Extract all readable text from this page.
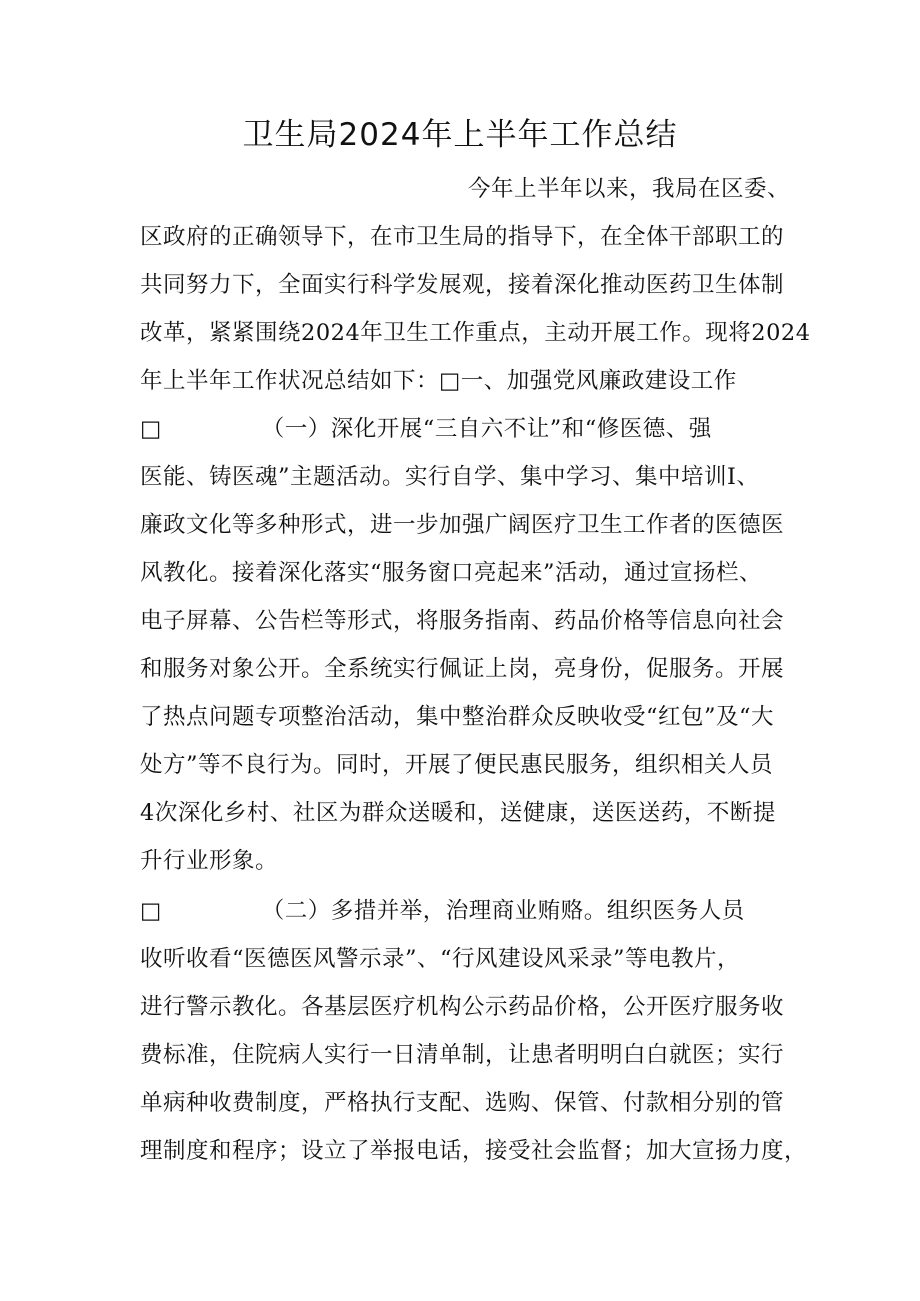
卫生局2024年上半年工作总结
今年上半年以来，我局在区委、
区政府的正确领导下，在市卫生局的指导下，在全体干部职工的
共同努力下，全面实行科学发展观，接着深化推动医药卫生体制
改革，紧紧围绕2024年卫生工作重点，主动开展工作。现将2024
年上半年工作状况总结如下：□一、加强党风廉政建设工作
□	（一）深化开展“三自六不让”和“修医德、强
医能、铸医魂”主题活动。实行自学、集中学习、集中培训Ⅰ、
廉政文化等多种形式，进一步加强广阔医疗卫生工作者的医德医
风教化。接着深化落实“服务窗口亮起来”活动，通过宣扬栏、
电子屏幕、公告栏等形式，将服务指南、药品价格等信息向社会
和服务对象公开。全系统实行佩证上岗，亮身份，促服务。开展
了热点问题专项整治活动，集中整治群众反映收受“红包”及“大
处方”等不良行为。同时，开展了便民惠民服务，组织相关人员
4次深化乡村、社区为群众送暖和，送健康，送医送药，不断提
升行业形象。
□	（二）多措并举，治理商业贿赂。组织医务人员
收听收看“医德医风警示录”、“行风建设风采录”等电教片，
进行警示教化。各基层医疗机构公示药品价格，公开医疗服务收
费标准，住院病人实行一日清单制，让患者明明白白就医；实行
单病种收费制度，严格执行支配、选购、保管、付款相分别的管
理制度和程序；设立了举报电话，接受社会监督；加大宣扬力度，
